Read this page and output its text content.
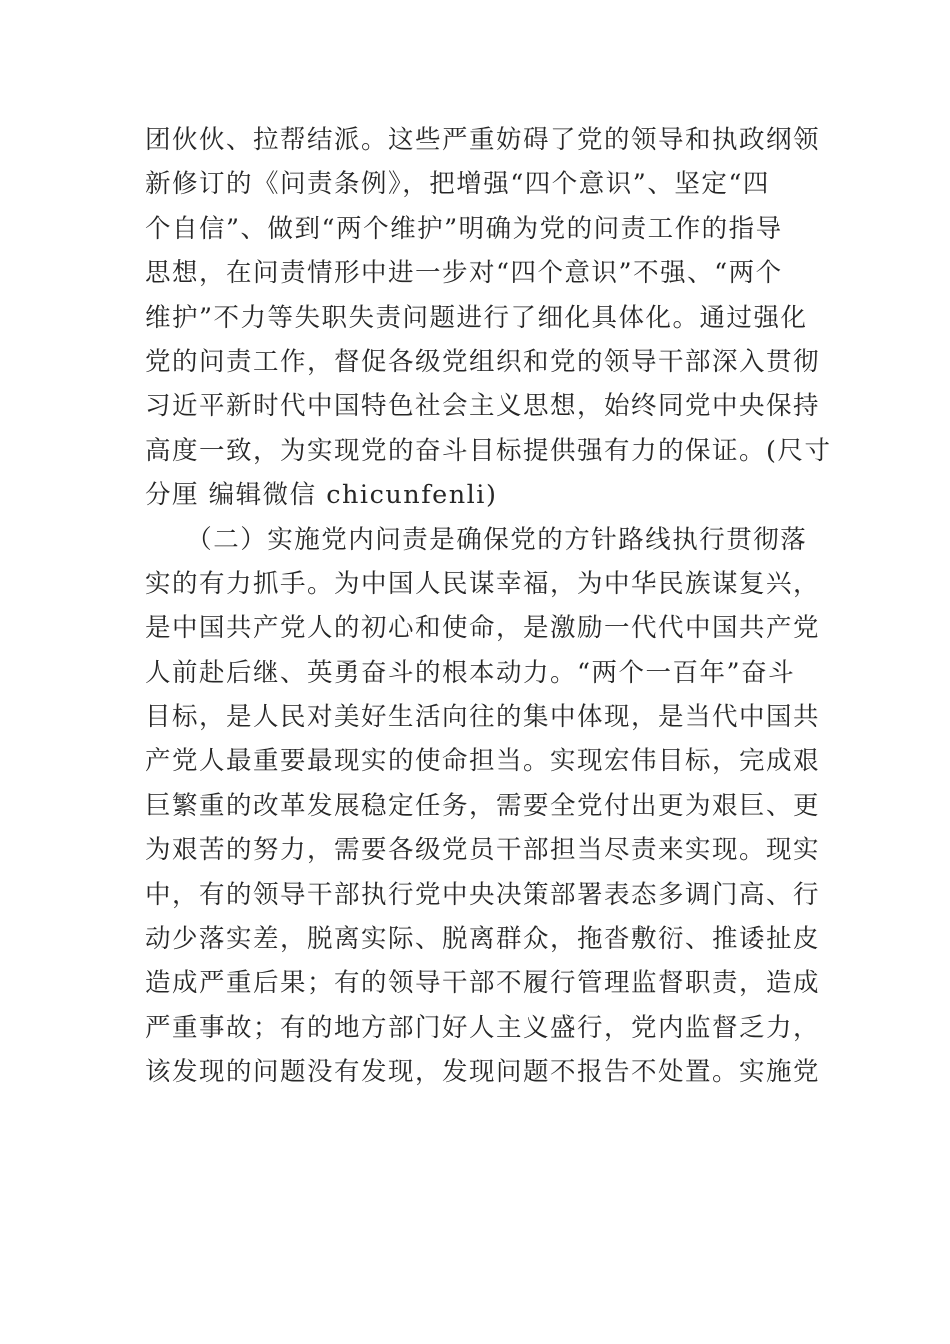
团伙伙、拉帮结派。这些严重妨碍了党的领导和执政纲领
新修订的《问责条例》，把增强“四个意识”、坚定“四
个自信”、做到“两个维护”明确为党的问责工作的指导
思想，在问责情形中进一步对“四个意识”不强、“两个
维护”不力等失职失责问题进行了细化具体化。通过强化
党的问责工作，督促各级党组织和党的领导干部深入贯彻
习近平新时代中国特色社会主义思想，始终同党中央保持
高度一致，为实现党的奋斗目标提供强有力的保证。(尺寸
分厘 编辑微信 chicunfenli)
　　（二）实施党内问责是确保党的方针路线执行贯彻落
实的有力抓手。为中国人民谋幸福，为中华民族谋复兴，
是中国共产党人的初心和使命，是激励一代代中国共产党
人前赴后继、英勇奋斗的根本动力。“两个一百年”奋斗
目标，是人民对美好生活向往的集中体现，是当代中国共
产党人最重要最现实的使命担当。实现宏伟目标，完成艰
巨繁重的改革发展稳定任务，需要全党付出更为艰巨、更
为艰苦的努力，需要各级党员干部担当尽责来实现。现实
中，有的领导干部执行党中央决策部署表态多调门高、行
动少落实差，脱离实际、脱离群众，拖沓敷衍、推诿扯皮
造成严重后果；有的领导干部不履行管理监督职责，造成
严重事故；有的地方部门好人主义盛行，党内监督乏力，
该发现的问题没有发现，发现问题不报告不处置。实施党
